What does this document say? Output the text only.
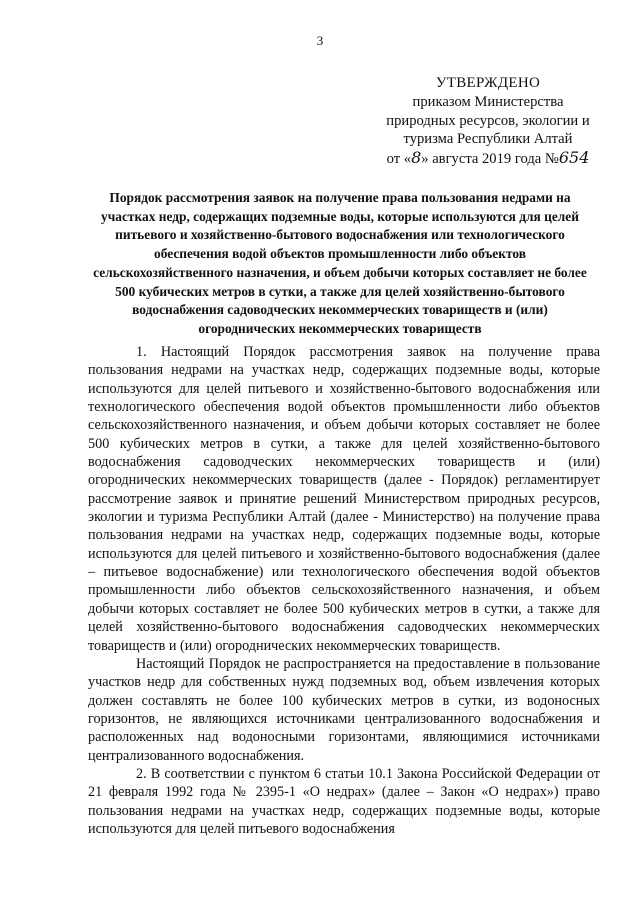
3
УТВЕРЖДЕНО
приказом Министерства
природных ресурсов, экологии и
туризма Республики Алтай
от «8» августа 2019 года №654
Порядок рассмотрения заявок на получение права пользования недрами на участках недр, содержащих подземные воды, которые используются для целей питьевого и хозяйственно-бытового водоснабжения или технологического обеспечения водой объектов промышленности либо объектов сельскохозяйственного назначения, и объем добычи которых составляет не более 500 кубических метров в сутки, а также для целей хозяйственно-бытового водоснабжения садоводческих некоммерческих товариществ и (или) огороднических некоммерческих товариществ

1. Настоящий Порядок рассмотрения заявок на получение права пользования недрами на участках недр, содержащих подземные воды, которые используются для целей питьевого и хозяйственно-бытового водоснабжения или технологического обеспечения водой объектов промышленности либо объектов сельскохозяйственного назначения, и объем добычи которых составляет не более 500 кубических метров в сутки, а также для целей хозяйственно-бытового водоснабжения садоводческих некоммерческих товариществ и (или) огороднических некоммерческих товариществ (далее - Порядок) регламентирует рассмотрение заявок и принятие решений Министерством природных ресурсов, экологии и туризма Республики Алтай (далее - Министерство) на получение права пользования недрами на участках недр, содержащих подземные воды, которые используются для целей питьевого и хозяйственно-бытового водоснабжения (далее – питьевое водоснабжение) или технологического обеспечения водой объектов промышленности либо объектов сельскохозяйственного назначения, и объем добычи которых составляет не более 500 кубических метров в сутки, а также для целей хозяйственно-бытового водоснабжения садоводческих некоммерческих товариществ и (или) огороднических некоммерческих товариществ.

Настоящий Порядок не распространяется на предоставление в пользование участков недр для собственных нужд подземных вод, объем извлечения которых должен составлять не более 100 кубических метров в сутки, из водоносных горизонтов, не являющихся источниками централизованного водоснабжения и расположенных над водоносными горизонтами, являющимися источниками централизованного водоснабжения.

2. В соответствии с пунктом 6 статьи 10.1 Закона Российской Федерации от 21 февраля 1992 года № 2395-1 «О недрах» (далее – Закон «О недрах») право пользования недрами на участках недр, содержащих подземные воды, которые используются для целей питьевого водоснабжения
